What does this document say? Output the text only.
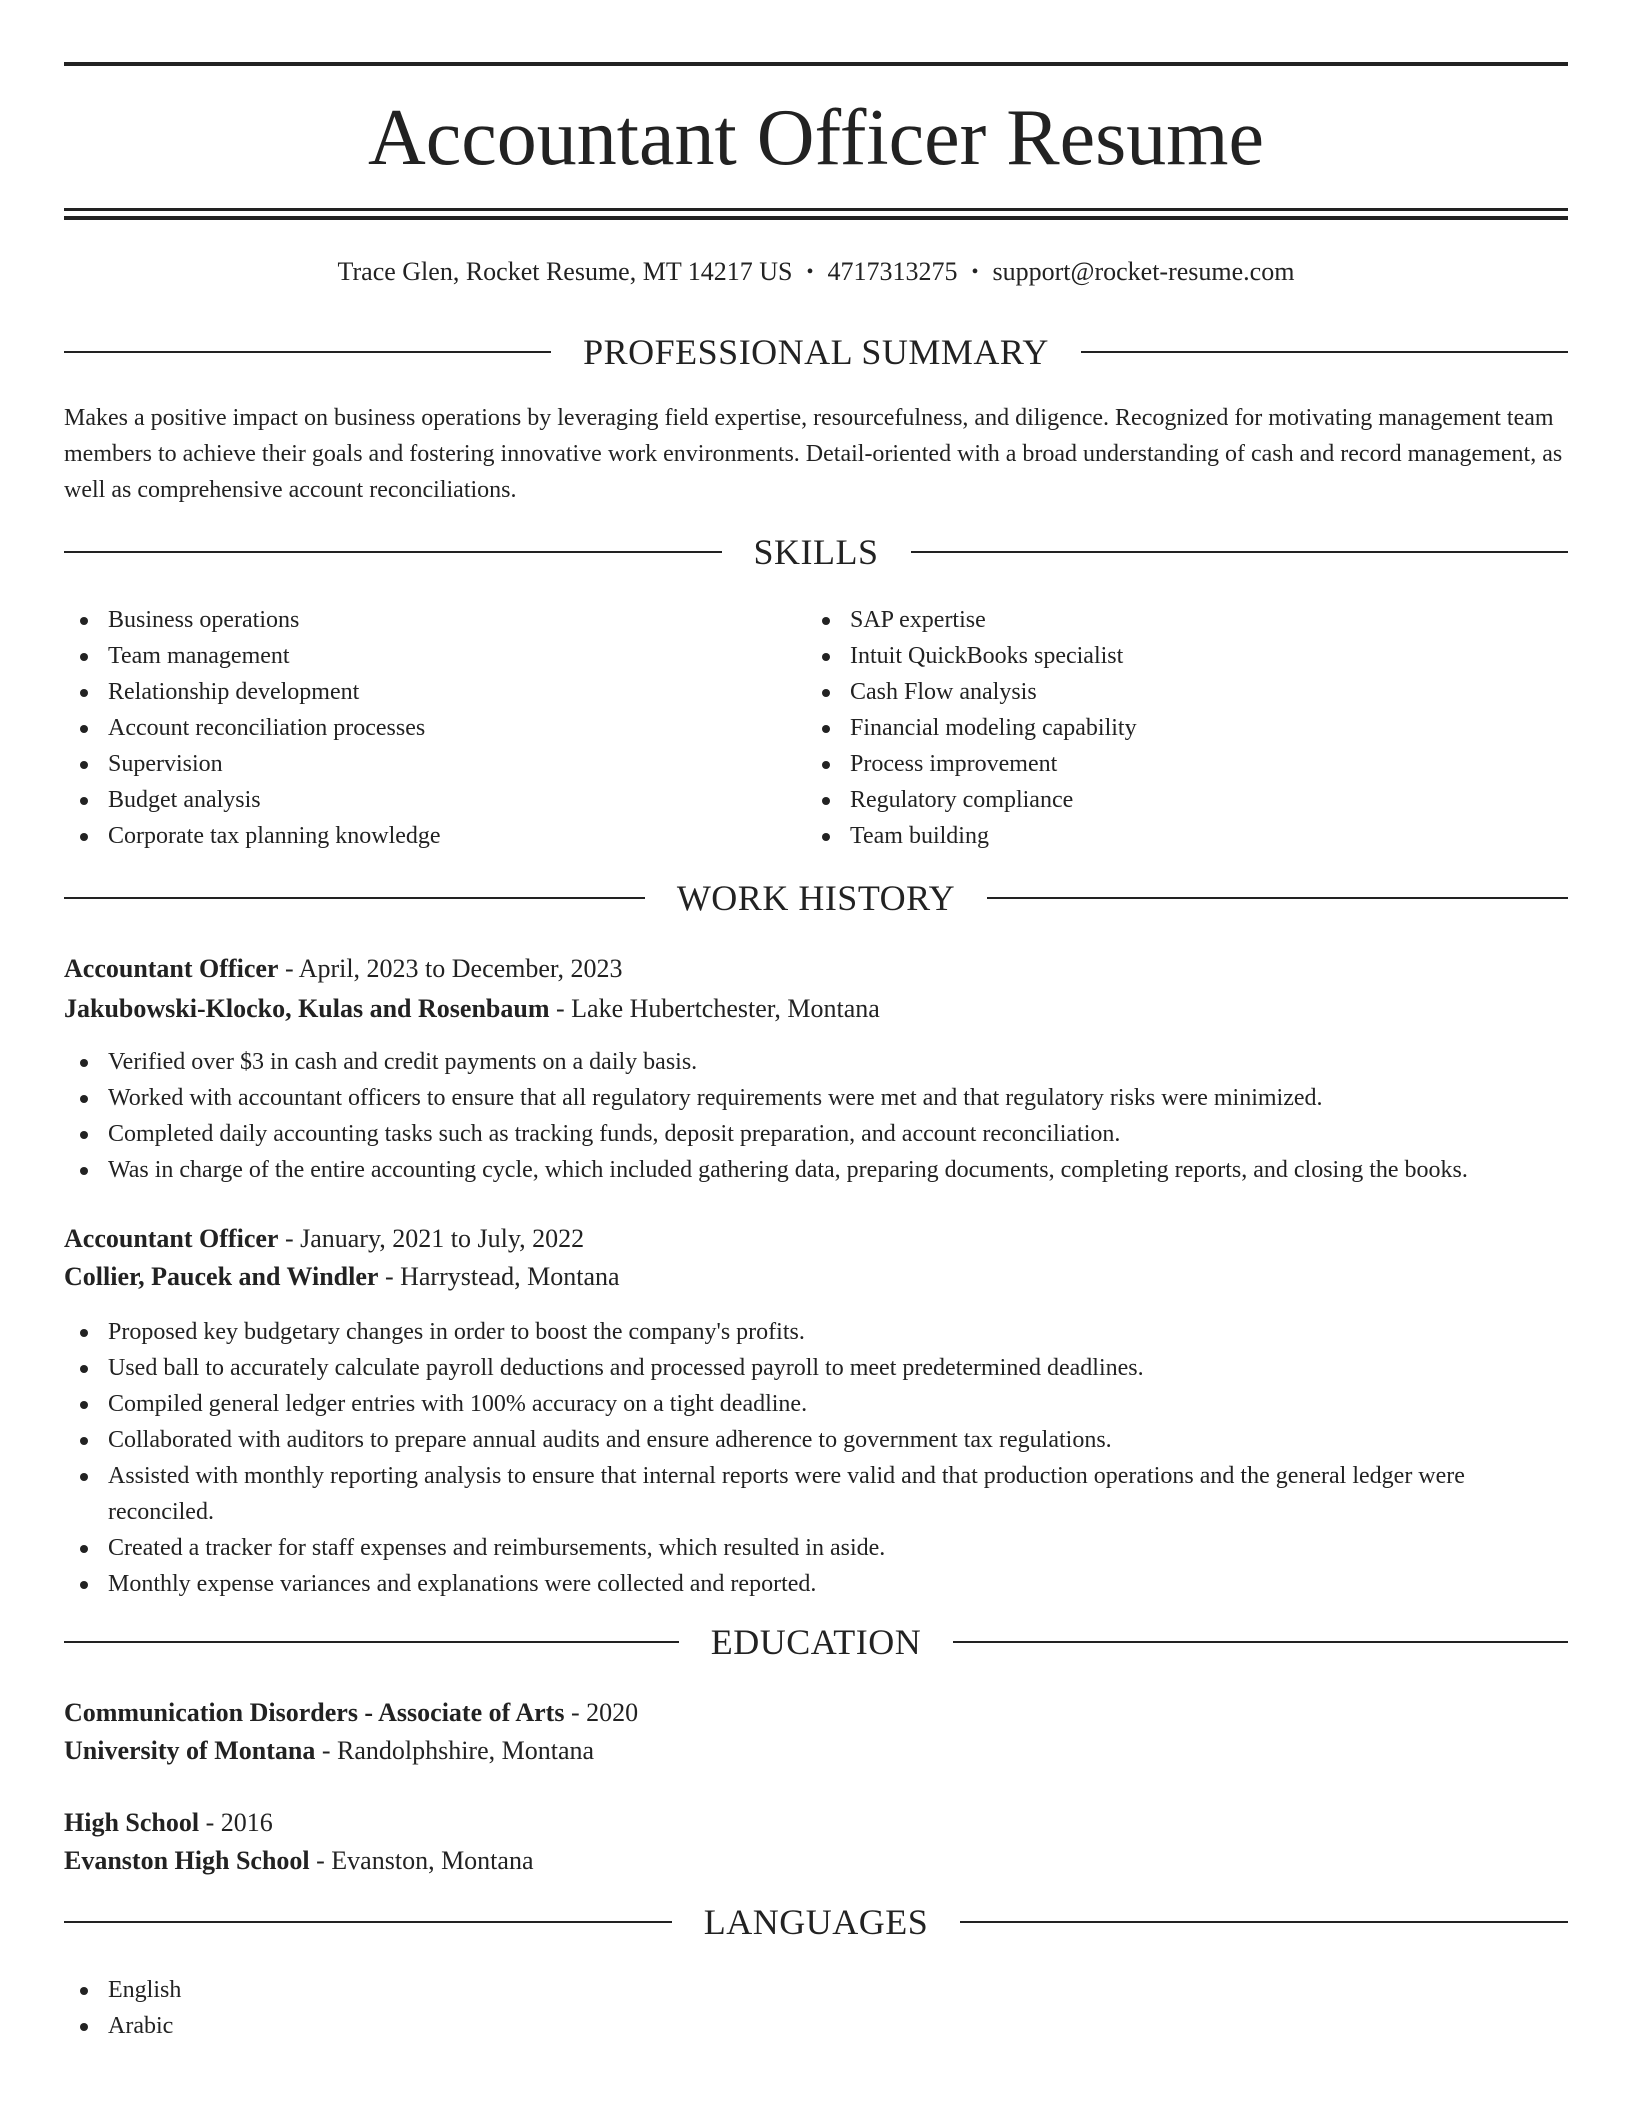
Accountant Officer Resume
Trace Glen, Rocket Resume, MT 14217 US • 4717313275 • support@rocket-resume.com
PROFESSIONAL SUMMARY

Makes a positive impact on business operations by leveraging field expertise, resourcefulness, and diligence. Recognized for motivating management team members to achieve their goals and fostering innovative work environments. Detail-oriented with a broad understanding of cash and record management, as well as comprehensive account reconciliations.

SKILLS
Business operations
Team management
Relationship development
Account reconciliation processes
Supervision
Budget analysis
Corporate tax planning knowledge
SAP expertise
Intuit QuickBooks specialist
Cash Flow analysis
Financial modeling capability
Process improvement
Regulatory compliance
Team building
WORK HISTORY
Accountant Officer - April, 2023 to December, 2023
Jakubowski-Klocko, Kulas and Rosenbaum - Lake Hubertchester, Montana
Verified over $3 in cash and credit payments on a daily basis.
Worked with accountant officers to ensure that all regulatory requirements were met and that regulatory risks were minimized.
Completed daily accounting tasks such as tracking funds, deposit preparation, and account reconciliation.
Was in charge of the entire accounting cycle, which included gathering data, preparing documents, completing reports, and closing the books.
Accountant Officer - January, 2021 to July, 2022
Collier, Paucek and Windler - Harrystead, Montana
Proposed key budgetary changes in order to boost the company's profits.
Used ball to accurately calculate payroll deductions and processed payroll to meet predetermined deadlines.
Compiled general ledger entries with 100% accuracy on a tight deadline.
Collaborated with auditors to prepare annual audits and ensure adherence to government tax regulations.
Assisted with monthly reporting analysis to ensure that internal reports were valid and that production operations and the general ledger were reconciled.
Created a tracker for staff expenses and reimbursements, which resulted in aside.
Monthly expense variances and explanations were collected and reported.
EDUCATION
Communication Disorders - Associate of Arts - 2020
University of Montana - Randolphshire, Montana
High School - 2016
Evanston High School - Evanston, Montana
LANGUAGES
English
Arabic
